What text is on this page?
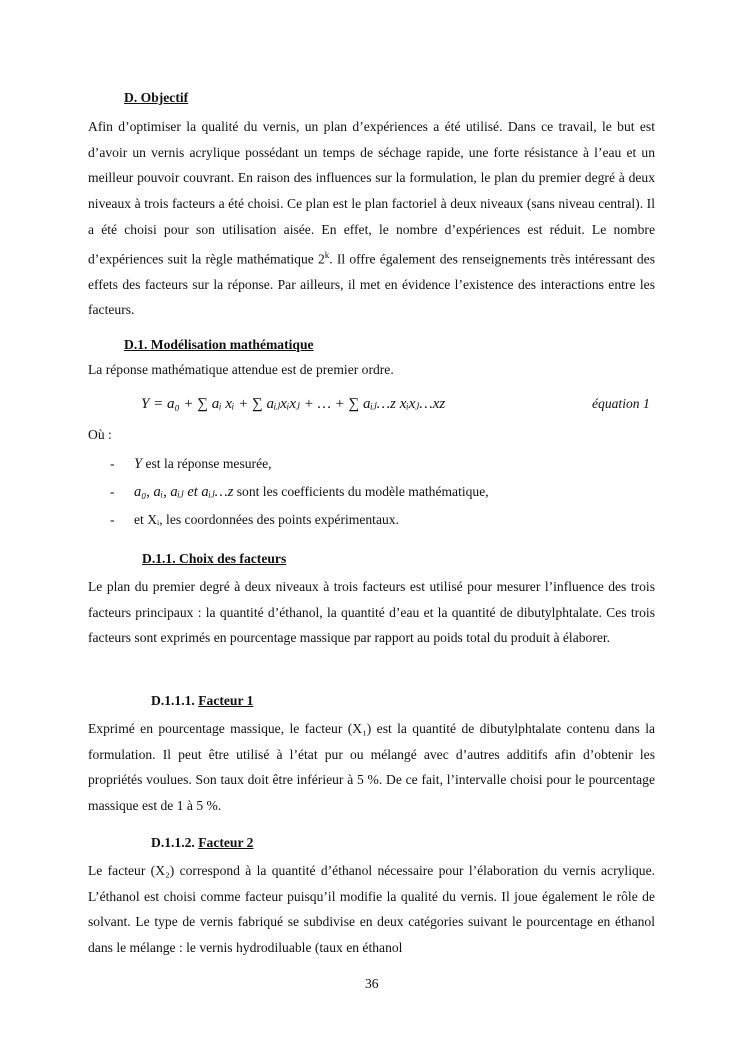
D. Objectif

Afin d’optimiser la qualité du vernis, un plan d’expériences a été utilisé. Dans ce travail, le but est d’avoir un vernis acrylique possédant un temps de séchage rapide, une forte résistance à l’eau et un meilleur pouvoir couvrant. En raison des influences sur la formulation, le plan du premier degré à deux niveaux à trois facteurs a été choisi. Ce plan est le plan factoriel à deux niveaux (sans niveau central). Il a été choisi pour son utilisation aisée. En effet, le nombre d’expériences est réduit. Le nombre d’expériences suit la règle mathématique 2$^k$. Il offre également des renseignements très intéressant des effets des facteurs sur la réponse. Par ailleurs, il met en évidence l’existence des interactions entre les facteurs.

D.1. Modélisation mathématique

La réponse mathématique attendue est de premier ordre.

Y = a₀ + ∑ aᵢ xᵢ + ∑ aᵢⱼxᵢxⱼ + … + ∑ aᵢⱼ…z xᵢxⱼ…xz	équation 1

Où :

- Y est la réponse mesurée,

- a₀, aᵢ, aᵢⱼ et aᵢⱼ…z sont les coefficients du modèle mathématique,

- et Xᵢ, les coordonnées des points expérimentaux.

D.1.1. Choix des facteurs

Le plan du premier degré à deux niveaux à trois facteurs est utilisé pour mesurer l’influence des trois facteurs principaux : la quantité d’éthanol, la quantité d’eau et la quantité de dibutylphtalate. Ces trois facteurs sont exprimés en pourcentage massique par rapport au poids total du produit à élaborer.

D.1.1.1. Facteur 1

Exprimé en pourcentage massique, le facteur (X₁) est la quantité de dibutylphtalate contenu dans la formulation. Il peut être utilisé à l’état pur ou mélangé avec d’autres additifs afin d’obtenir les propriétés voulues. Son taux doit être inférieur à 5 %. De ce fait, l’intervalle choisi pour le pourcentage massique est de 1 à 5 %.

D.1.1.2. Facteur 2

Le facteur (X₂) correspond à la quantité d’éthanol nécessaire pour l’élaboration du vernis acrylique. L’éthanol est choisi comme facteur puisqu’il modifie la qualité du vernis. Il joue également le rôle de solvant. Le type de vernis fabriqué se subdivise en deux catégories suivant le pourcentage en éthanol dans le mélange : le vernis hydrodiluable (taux en éthanol

36
